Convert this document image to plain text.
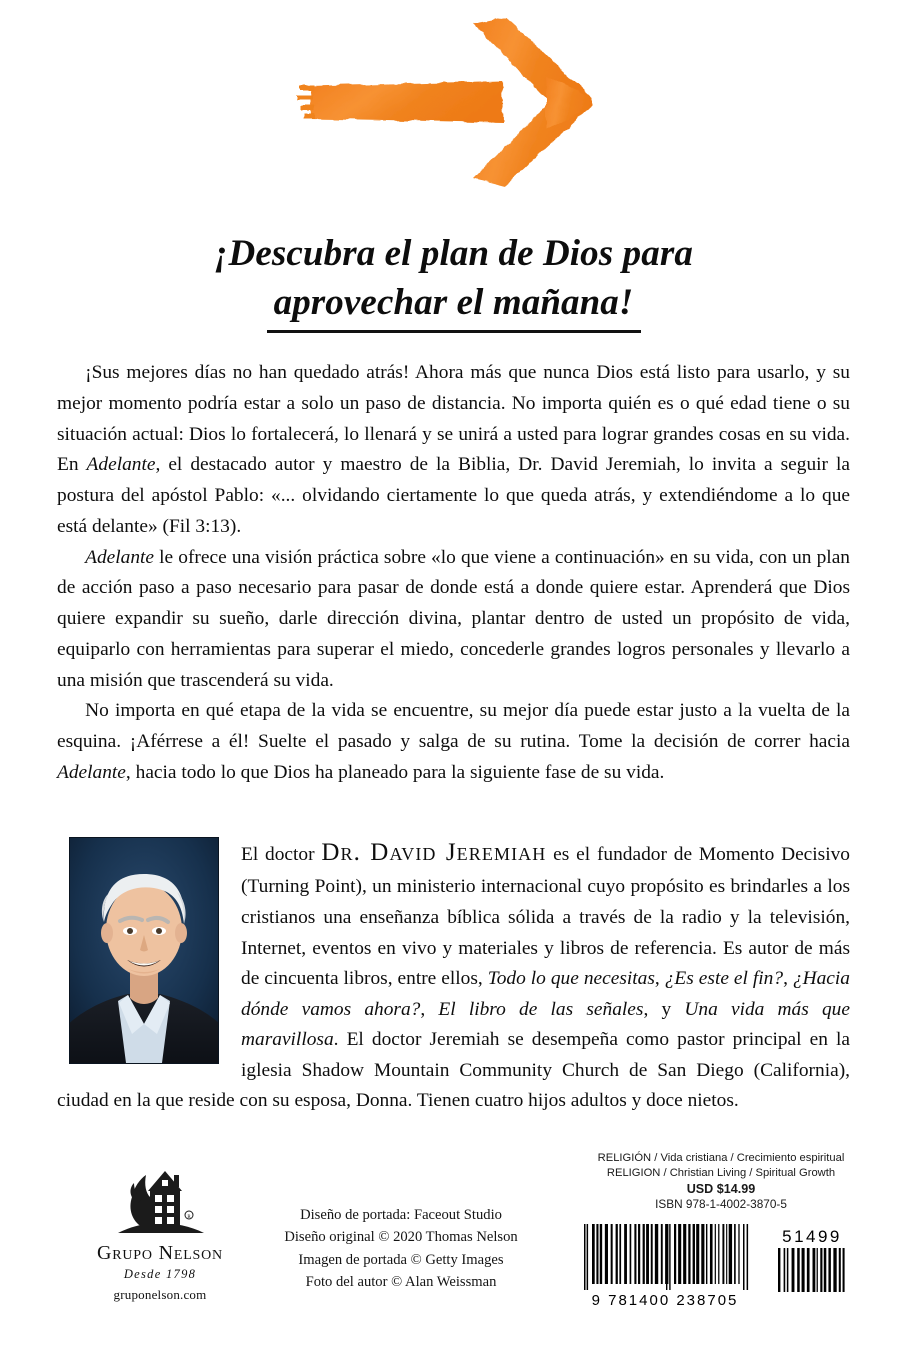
¡Descubra el plan de Dios para
aprovechar el mañana!

¡Sus mejores días no han quedado atrás! Ahora más que nunca Dios está listo para usarlo, y su mejor momento podría estar a solo un paso de distancia. No importa quién es o qué edad tiene o su situación actual: Dios lo fortalecerá, lo llenará y se unirá a usted para lograr grandes cosas en su vida. En Adelante, el destacado autor y maestro de la Biblia, Dr. David Jeremiah, lo invita a seguir la postura del apóstol Pablo: «... olvidando ciertamente lo que queda atrás, y extendiéndome a lo que está delante» (Fil 3:13).

Adelante le ofrece una visión práctica sobre «lo que viene a continuación» en su vida, con un plan de acción paso a paso necesario para pasar de donde está a donde quiere estar. Aprenderá que Dios quiere expandir su sueño, darle dirección divina, plantar dentro de usted un propósito de vida, equiparlo con herramientas para superar el miedo, concederle grandes logros personales y llevarlo a una misión que trascenderá su vida.

No importa en qué etapa de la vida se encuentre, su mejor día puede estar justo a la vuelta de la esquina. ¡Aférrese a él! Suelte el pasado y salga de su rutina. Tome la decisión de correr hacia Adelante, hacia todo lo que Dios ha planeado para la siguiente fase de su vida.

El doctor Dr. David Jeremiah es el fundador de Momento Decisivo (Turning Point), un ministerio internacional cuyo propósito es brindarles a los cristianos una enseñanza bíblica sólida a través de la radio y la televisión, Internet, eventos en vivo y materiales y libros de referencia. Es autor de más de cincuenta libros, entre ellos, Todo lo que necesitas, ¿Es este el fin?, ¿Hacia dónde vamos ahora?, El libro de las señales, y Una vida más que maravillosa. El doctor Jeremiah se desempeña como pastor principal en la iglesia Shadow Mountain Community Church de San Diego (California), ciudad en la que reside con su esposa, Donna. Tienen cuatro hijos adultos y doce nietos.

R
Grupo Nelson
Desde 1798
gruponelson.com
Diseño de portada: Faceout Studio
Diseño original © 2020 Thomas Nelson
Imagen de portada © Getty Images
Foto del autor © Alan Weissman
RELIGIÓN / Vida cristiana / Crecimiento espiritual
RELIGION / Christian Living / Spiritual Growth
USD $14.99
ISBN 978-1-4002-3870-5
9 781400 238705
51499
